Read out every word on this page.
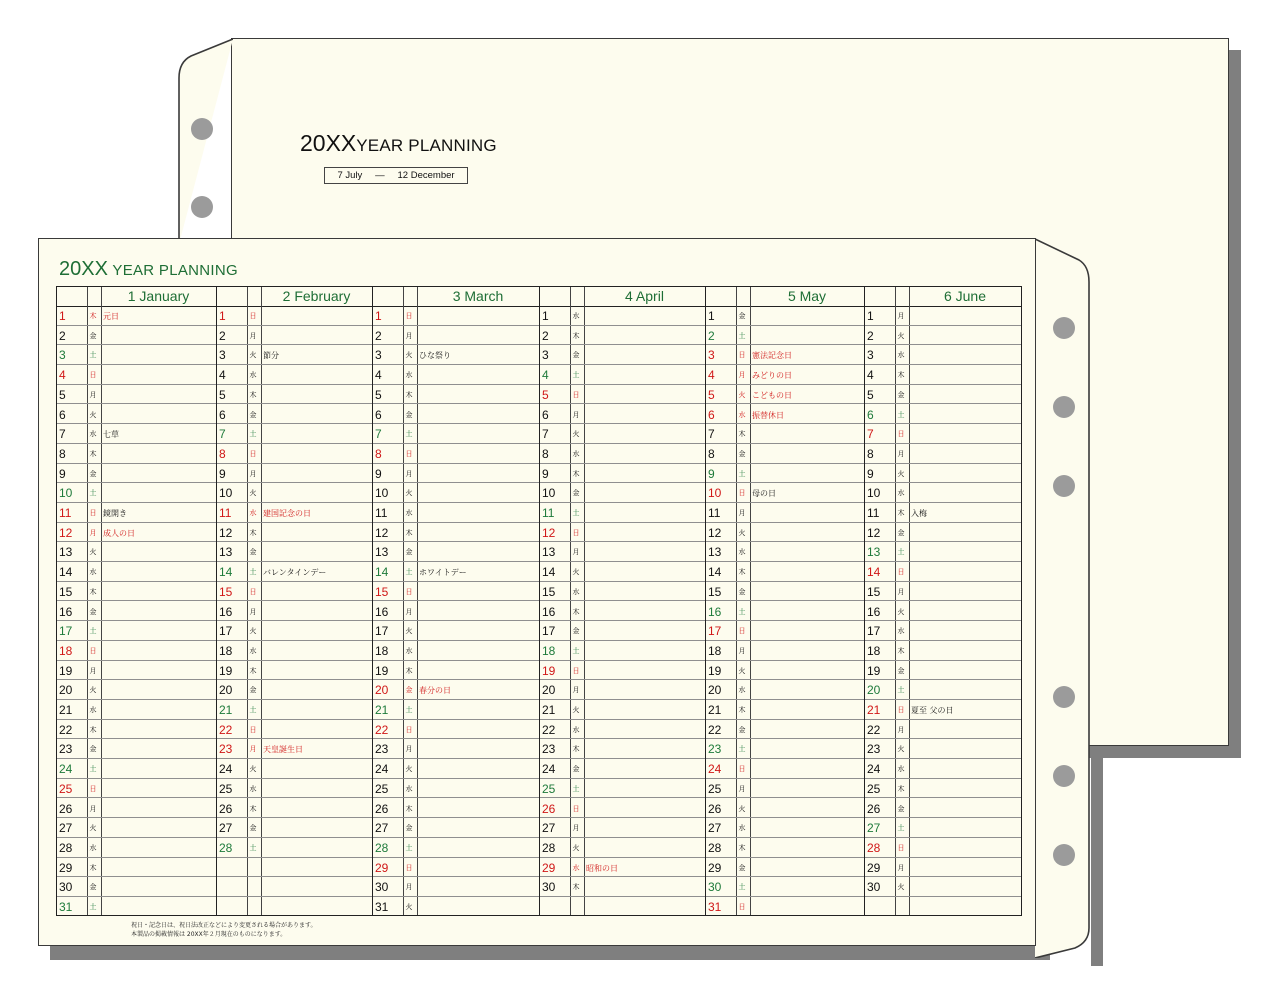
20XXYEAR PLANNING
7 July — 12 December
20XX YEAR PLANNING
1 January
1	木 元日
2	金
3	土
4	日
5	月
6	火
7	水 七草
8	木
9	金
10	土
11	日 鏡開き
12	月 成人の日
13	火
14	水
15	木
16	金
17	土
18	日
19	月
20	火
21	水
22	木
23	金
24	土
25	日
26	月
27	火
28	水
29	木
30	金
31	土
2 February
1	日
2	月
3	火 節分
4	水
5	木
6	金
7	土
8	日
9	月
10	火
11	水 建国記念の日
12	木
13	金
14	土 バレンタインデー
15	日
16	月
17	火
18	水
19	木
20	金
21	土
22	日
23	月 天皇誕生日
24	火
25	水
26	木
27	金
28	土
3 March
1	日
2	月
3	火 ひな祭り
4	水
5	木
6	金
7	土
8	日
9	月
10	火
11	水
12	木
13	金
14	土 ホワイトデー
15	日
16	月
17	火
18	水
19	木
20	金 春分の日
21	土
22	日
23	月
24	火
25	水
26	木
27	金
28	土
29	日
30	月
31	火
4 April
1	水
2	木
3	金
4	土
5	日
6	月
7	火
8	水
9	木
10	金
11	土
12	日
13	月
14	火
15	水
16	木
17	金
18	土
19	日
20	月
21	火
22	水
23	木
24	金
25	土
26	日
27	月
28	火
29	水 昭和の日
30	木
5 May
1	金
2	土
3	日 憲法記念日
4	月 みどりの日
5	火 こどもの日
6	水 振替休日
7	木
8	金
9	土
10	日 母の日
11	月
12	火
13	水
14	木
15	金
16	土
17	日
18	月
19	火
20	水
21	木
22	金
23	土
24	日
25	月
26	火
27	水
28	木
29	金
30	土
31	日
6 June
1	月
2	火
3	水
4	木
5	金
6	土
7	日
8	月
9	火
10	水
11	木 入梅
12	金
13	土
14	日
15	月
16	火
17	水
18	木
19	金
20	土
21	日 夏至 父の日
22	月
23	火
24	水
25	木
26	金
27	土
28	日
29	月
30	火
祝日・記念日は、祝日法改正などにより変更される場合があります。
本製品の掲載情報は 20XX年２月現在のものになります。
